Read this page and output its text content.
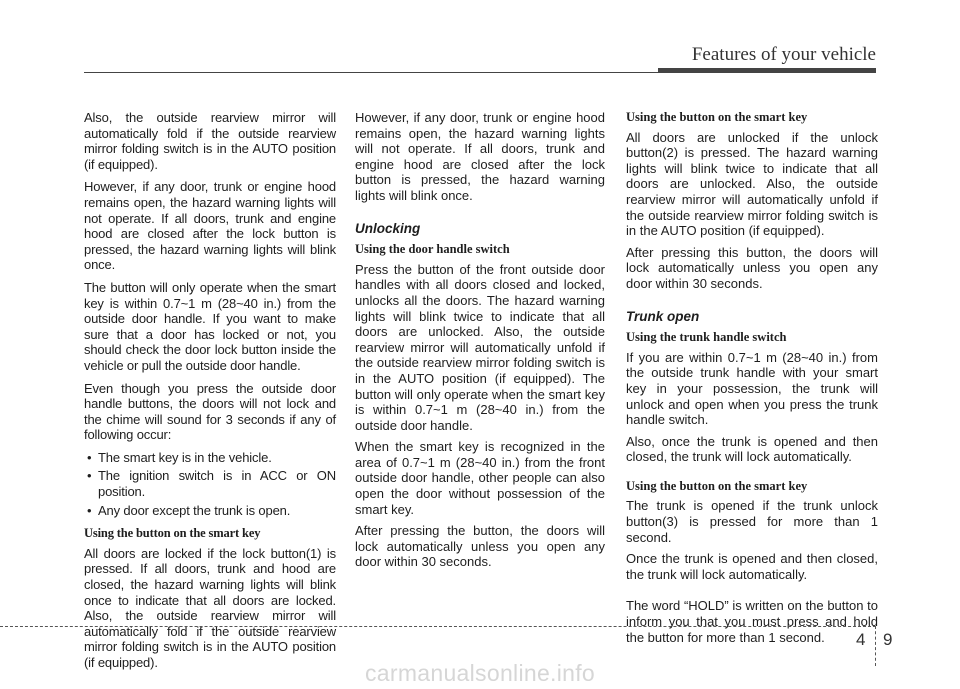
Features of your vehicle

Also, the outside rearview mirror will automatically fold if the outside rearview mirror folding switch is in the AUTO position (if equipped).

However, if any door, trunk or engine hood remains open, the hazard warning lights will not operate. If all doors, trunk and engine hood are closed after the lock button is pressed, the hazard warning lights will blink once.

The button will only operate when the smart key is within 0.7~1 m (28~40 in.) from the outside door handle. If you want to make sure that a door has locked or not, you should check the door lock button inside the vehicle or pull the outside door handle.

Even though you press the outside door handle buttons, the doors will not lock and the chime will sound for 3 seconds if any of following occur:

• The smart key is in the vehicle.
• The ignition switch is in ACC or ON position.
• Any door except the trunk is open.
Using the button on the smart key

All doors are locked if the lock button(1) is pressed. If all doors, trunk and hood are closed, the hazard warning lights will blink once to indicate that all doors are locked. Also, the outside rearview mirror will automatically fold if the outside rearview mirror folding switch is in the AUTO position (if equipped).

However, if any door, trunk or engine hood remains open, the hazard warning lights will not operate. If all doors, trunk and engine hood are closed after the lock button is pressed, the hazard warning lights will blink once.

Unlocking
Using the door handle switch

Press the button of the front outside door handles with all doors closed and locked, unlocks all the doors. The hazard warning lights will blink twice to indicate that all doors are unlocked. Also, the outside rearview mirror will automatically unfold if the outside rearview mirror folding switch is in the AUTO position (if equipped). The button will only operate when the smart key is within 0.7~1 m (28~40 in.) from the outside door handle.

When the smart key is recognized in the area of 0.7~1 m (28~40 in.) from the front outside door handle, other people can also open the door without possession of the smart key.

After pressing the button, the doors will lock automatically unless you open any door within 30 seconds.

Using the button on the smart key

All doors are unlocked if the unlock button(2) is pressed. The hazard warning lights will blink twice to indicate that all doors are unlocked. Also, the outside rearview mirror will automatically unfold if the outside rearview mirror folding switch is in the AUTO position (if equipped).

After pressing this button, the doors will lock automatically unless you open any door within 30 seconds.

Trunk open
Using the trunk handle switch

If you are within 0.7~1 m (28~40 in.) from the outside trunk handle with your smart key in your possession, the trunk will unlock and open when you press the trunk handle switch.

Also, once the trunk is opened and then closed, the trunk will lock automatically.

Using the button on the smart key

The trunk is opened if the trunk unlock button(3) is pressed for more than 1 second.

Once the trunk is opened and then closed, the trunk will lock automatically.

The word “HOLD” is written on the button to inform you that you must press and hold the button for more than 1 second.	4 9
carmanualsonline.info
